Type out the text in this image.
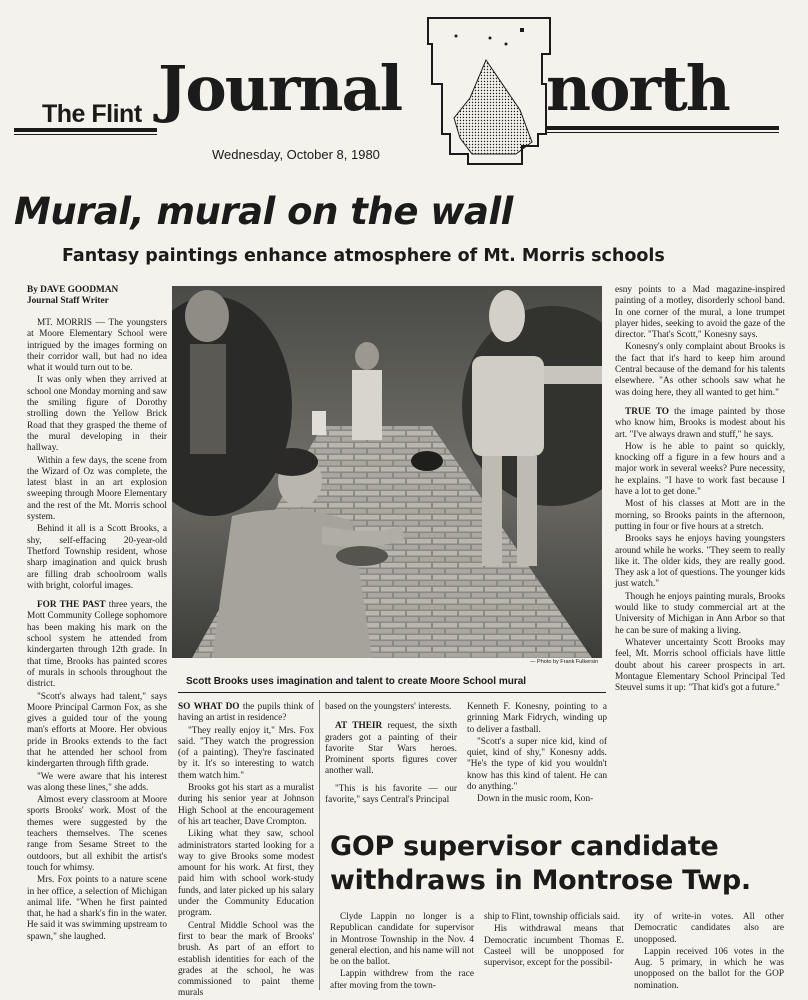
The Flint Journal north
Wednesday, October 8, 1980
Mural, mural on the wall
Fantasy paintings enhance atmosphere of Mt. Morris schools
By DAVE GOODMAN
Journal Staff Writer

MT. MORRIS — The youngsters at Moore Elementary School were intrigued by the images forming on their corridor wall, but had no idea what it would turn out to be.

It was only when they arrived at school one Monday morning and saw the smiling figure of Dorothy strolling down the Yellow Brick Road that they grasped the theme of the mural developing in their hallway.

Within a few days, the scene from the Wizard of Oz was complete, the latest blast in an art explosion sweeping through Moore Elementary and the rest of the Mt. Morris school system.

Behind it all is a Scott Brooks, a shy, self-effacing 20-year-old Thetford Township resident, whose sharp imagination and quick brush are filling drab schoolroom walls with bright, colorful images.

FOR THE PAST three years, the Mott Community College sophomore has been making his mark on the school system he attended from kindergarten through 12th grade. In that time, Brooks has painted scores of murals in schools throughout the district.

"Scott's always had talent," says Moore Principal Carmon Fox, as she gives a guided tour of the young man's efforts at Moore. Her obvious pride in Brooks extends to the fact that he attended her school from kindergarten through fifth grade.

"We were aware that his interest was along these lines," she adds.

Almost every classroom at Moore sports Brooks' work. Most of the themes were suggested by the teachers themselves. The scenes range from Sesame Street to the outdoors, but all exhibit the artist's touch for whimsy.

Mrs. Fox points to a nature scene in her office, a selection of Michigan animal life. "When he first painted that, he had a shark's fin in the water. He said it was swimming upstream to spawn," she laughed.

— Photo by Frank Fulkersin
Scott Brooks uses imagination and talent to create Moore School mural

esny points to a Mad magazine-inspired painting of a motley, disorderly school band. In one corner of the mural, a lone trumpet player hides, seeking to avoid the gaze of the director. "That's Scott," Konesny says.

Konesny's only complaint about Brooks is the fact that it's hard to keep him around Central because of the demand for his talents elsewhere. "As other schools saw what he was doing here, they all wanted to get him."

TRUE TO the image painted by those who know him, Brooks is modest about his art. "I've always drawn and stuff," he says.

How is he able to paint so quickly, knocking off a figure in a few hours and a major work in several weeks? Pure necessity, he explains. "I have to work fast because I have a lot to get done."

Most of his classes at Mott are in the morning, so Brooks paints in the afternoon, putting in four or five hours at a stretch.

Brooks says he enjoys having youngsters around while he works. "They seem to really like it. The older kids, they are really good. They ask a lot of questions. The younger kids just watch."

Though he enjoys painting murals, Brooks would like to study commercial art at the University of Michigan in Ann Arbor so that he can be sure of making a living.

Whatever uncertainty Scott Brooks may feel, Mt. Morris school officials have little doubt about his career prospects in art. Montague Elementary School Principal Ted Steuvel sums it up: "That kid's got a future."

SO WHAT DO the pupils think of having an artist in residence?

"They really enjoy it," Mrs. Fox said. "They watch the progression (of a painting). They're fascinated by it. It's so interesting to watch them watch him."

Brooks got his start as a muralist during his senior year at Johnson High School at the encouragement of his art teacher, Dave Crompton.

Liking what they saw, school administrators started looking for a way to give Brooks some modest amount for his work. At first, they paid him with school work-study funds, and later picked up his salary under the Community Education program.

Central Middle School was the first to bear the mark of Brooks' brush. As part of an effort to establish identities for each of the grades at the school, he was commissioned to paint theme murals

based on the youngsters' interests.

AT THEIR request, the sixth graders got a painting of their favorite Star Wars heroes. Prominent sports figures cover another wall.

"This is his favorite — our favorite," says Central's Principal

Kenneth F. Konesny, pointing to a grinning Mark Fidrych, winding up to deliver a fastball.

"Scott's a super nice kid, kind of quiet, kind of shy," Konesny adds. "He's the type of kid you wouldn't know has this kind of talent. He can do anything."

Down in the music room, Kon-

GOP supervisor candidate
withdraws in Montrose Twp.

Clyde Lappin no longer is a Republican candidate for supervisor in Montrose Township in the Nov. 4 general election, and his name will not be on the ballot.

Lappin withdrew from the race after moving from the town-

ship to Flint, township officials said.

His withdrawal means that Democratic incumbent Thomas E. Casteel will be unopposed for supervisor, except for the possibil-

ity of write-in votes. All other Democratic candidates also are unopposed.

Lappin received 106 votes in the Aug. 5 primary, in which he was unopposed on the ballot for the GOP nomination.
